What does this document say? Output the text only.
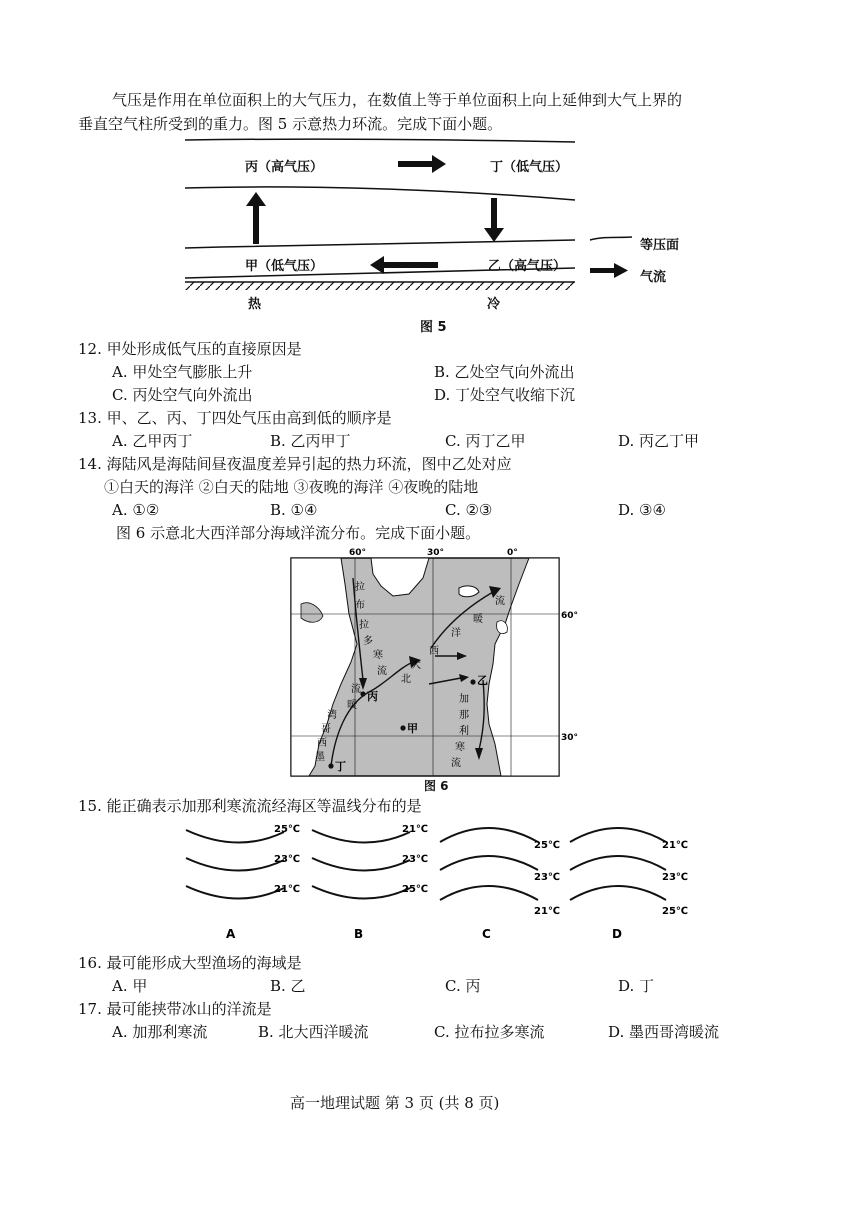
气压是作用在单位面积上的大气压力，在数值上等于单位面积上向上延伸到大气上界的
垂直空气柱所受到的重力。图 5 示意热力环流。完成下面小题。
丙（高气压）	丁（低气压）
甲（低气压）	乙（高气压）
等压面
气流
热	冷
图 5
12. 甲处形成低气压的直接原因是
A. 甲处空气膨胀上升	B. 乙处空气向外流出
C. 丙处空气向外流出	D. 丁处空气收缩下沉
13. 甲、乙、丙、丁四处气压由高到低的顺序是
A. 乙甲丙丁	B. 乙丙甲丁	C. 丙丁乙甲	D. 丙乙丁甲
14. 海陆风是海陆间昼夜温度差异引起的热力环流，图中乙处对应
①白天的海洋 ②白天的陆地 ③夜晚的海洋 ④夜晚的陆地
A. ①②	B. ①④	C. ②③	D. ③④
图 6 示意北大西洋部分海域洋流分布。完成下面小题。
60°	30°	0°
60°
30°
拉
布
拉
多
寒
流
墨
西
哥
湾
暖
流
北
大
西
洋
暖
流
加
那
利
寒
流
丙
甲
乙
丁
图 6
15. 能正确表示加那利寒流流经海区等温线分布的是
25℃
23℃
21℃
A
21℃
23℃
25℃
B
25℃
23℃
21℃
C
21℃
23℃
25℃
D
16. 最可能形成大型渔场的海域是
A. 甲	B. 乙	C. 丙	D. 丁
17. 最可能挟带冰山的洋流是
A. 加那利寒流	B. 北大西洋暖流	C. 拉布拉多寒流	D. 墨西哥湾暖流
高一地理试题 第 3 页 (共 8 页)
